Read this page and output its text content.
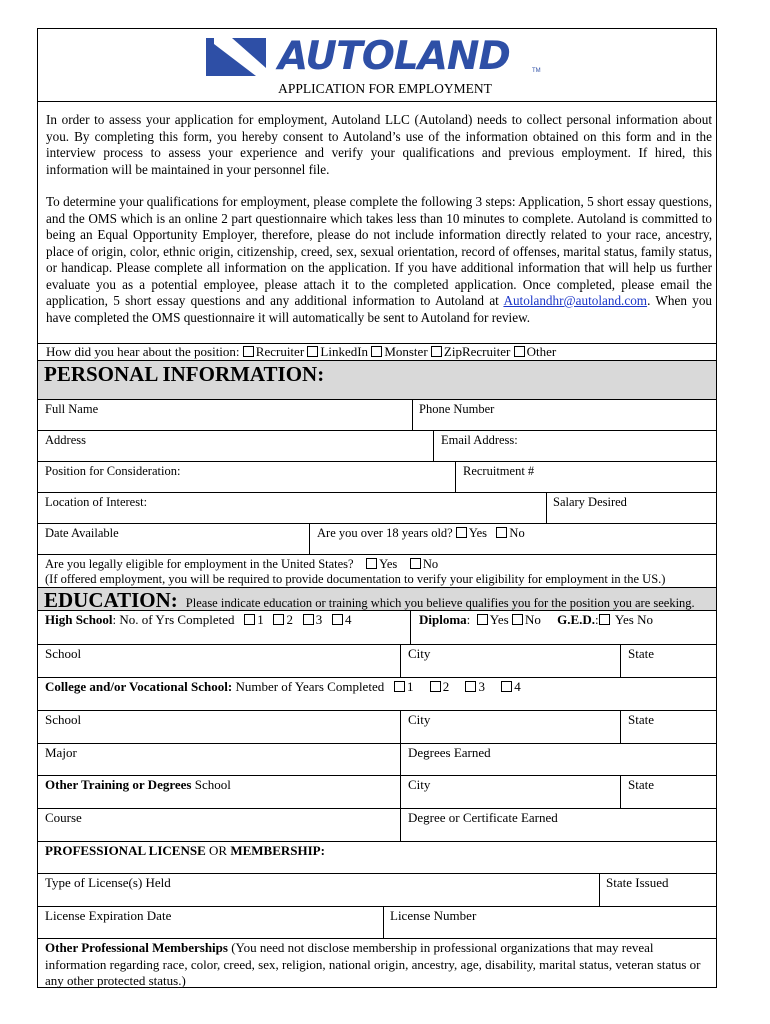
AUTOLAND	TM
APPLICATION FOR EMPLOYMENT
In order to assess your application for employment, Autoland LLC (Autoland) needs to collect personal information about you. By completing this form, you hereby consent to Autoland’s use of the information obtained on this form and in the interview process to assess your experience and verify your qualifications and previous employment. If hired, this information will be maintained in your personnel file.
To determine your qualifications for employment, please complete the following 3 steps: Application, 5 short essay questions, and the OMS which is an online 2 part questionnaire which takes less than 10 minutes to complete. Autoland is committed to being an Equal Opportunity Employer, therefore, please do not include information directly related to your race, ancestry, place of origin, color, ethnic origin, citizenship, creed, sex, sexual orientation, record of offenses, marital status, family status, or handicap. Please complete all information on the application. If you have additional information that will help us further evaluate you as a potential employee, please attach it to the completed application. Once completed, please email the application, 5 short essay questions and any additional information to Autoland at Autolandhr@autoland.com. When you have completed the OMS questionnaire it will automatically be sent to Autoland for review.
How did you hear about the position: Recruiter LinkedIn Monster ZipRecruiter Other
PERSONAL INFORMATION:
Full Name	Phone Number
Address	Email Address:
Position for Consideration:	Recruitment #
Location of Interest:	Salary Desired
Date Available	Are you over 18 years old? Yes No
Are you legally eligible for employment in the United States? Yes No
(If offered employment, you will be required to provide documentation to verify your eligibility for employment in the US.)
EDUCATION: Please indicate education or training which you believe qualifies you for the position you are seeking.
High School: No. of Yrs Completed 1 2 3 4	Diploma:  Yes No G.E.D.: Yes No
School	City	State
College and/or Vocational School: Number of Years Completed 1 2 3 4
School	City	State
Major	Degrees Earned
Other Training or Degrees School	City	State
Course	Degree or Certificate Earned
PROFESSIONAL LICENSE OR MEMBERSHIP:
Type of License(s) Held	State Issued
License Expiration Date	License Number
Other Professional Memberships (You need not disclose membership in professional organizations that may reveal information regarding race, color, creed, sex, religion, national origin, ancestry, age, disability, marital status, veteran status or any other protected status.)
